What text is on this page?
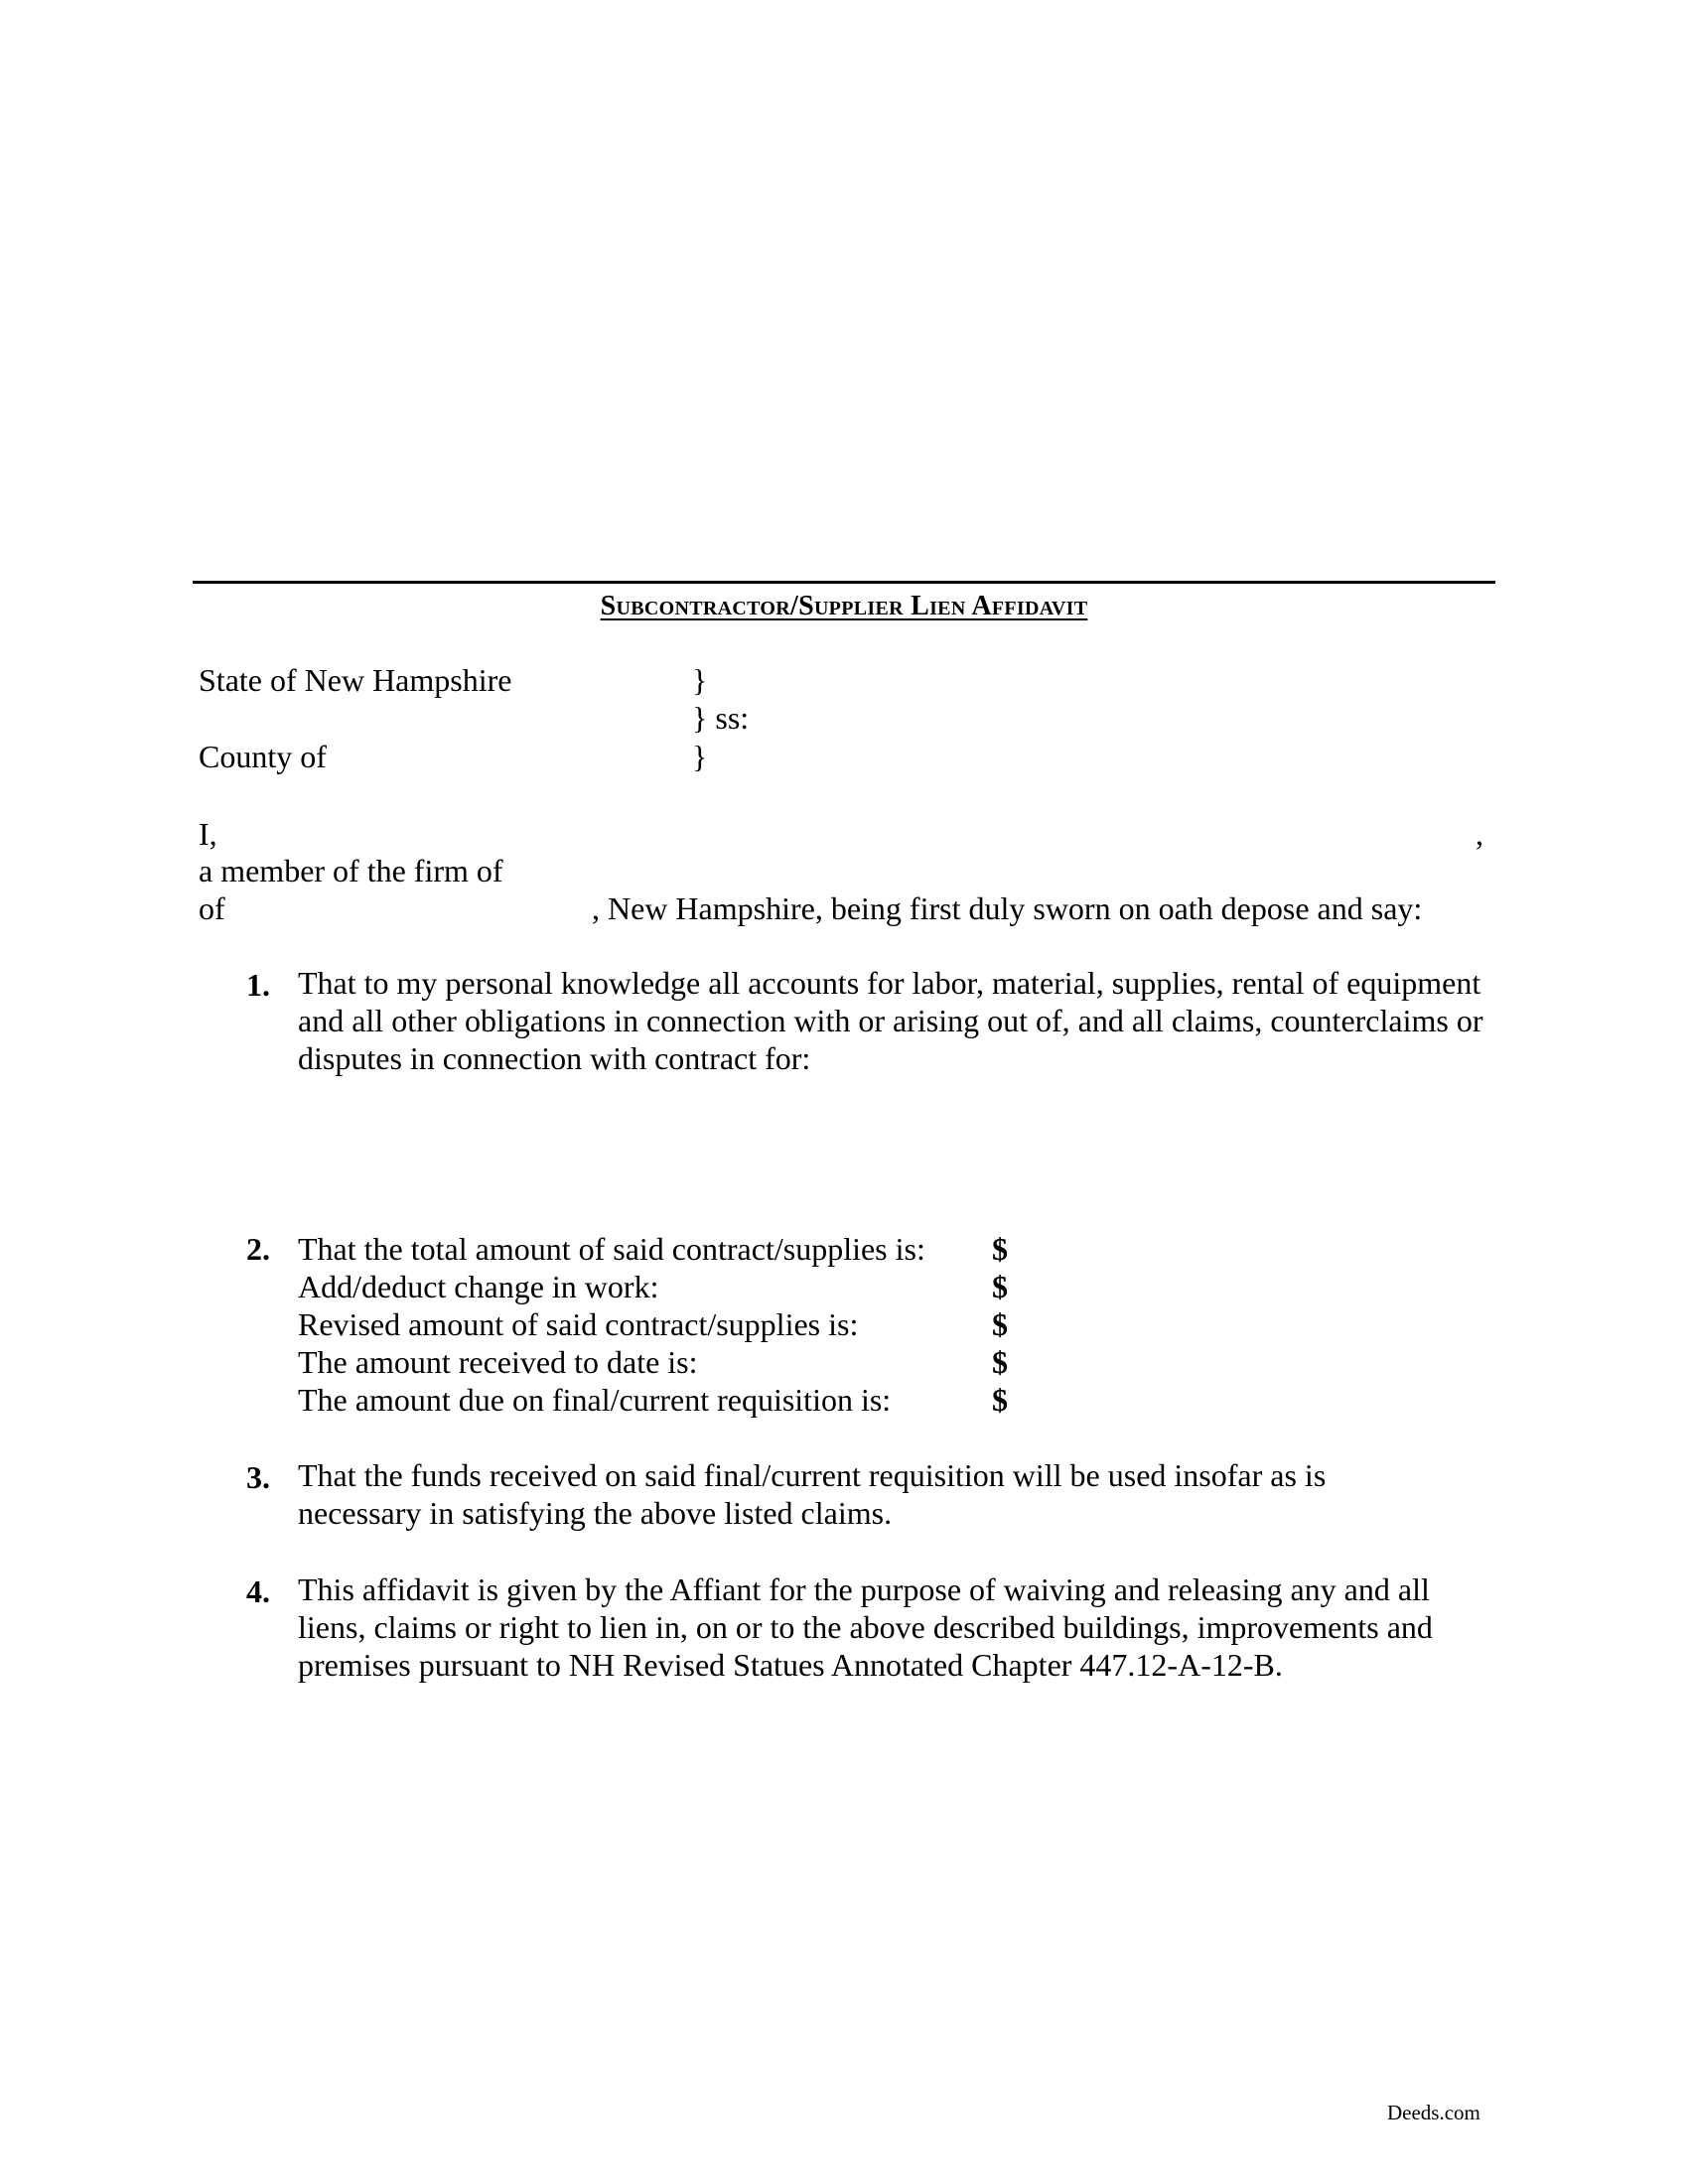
Subcontractor/Supplier Lien Affidavit
State of New Hampshire	}
} ss:
County of	}
I,	,
a member of the firm of
of	, New Hampshire, being first duly sworn on oath depose and say:
1. That to my personal knowledge all accounts for labor, material, supplies, rental of equipment and all other obligations in connection with or arising out of, and all claims, counterclaims or disputes in connection with contract for:
2. That the total amount of said contract/supplies is: $
Add/deduct change in work:	$
Revised amount of said contract/supplies is:	$
The amount received to date is:	$
The amount due on final/current requisition is:	$
3. That the funds received on said final/current requisition will be used insofar as is necessary in satisfying the above listed claims.
4. This affidavit is given by the Affiant for the purpose of waiving and releasing any and all liens, claims or right to lien in, on or to the above described buildings, improvements and premises pursuant to NH Revised Statues Annotated Chapter 447.12-A-12-B.
Deeds.com
